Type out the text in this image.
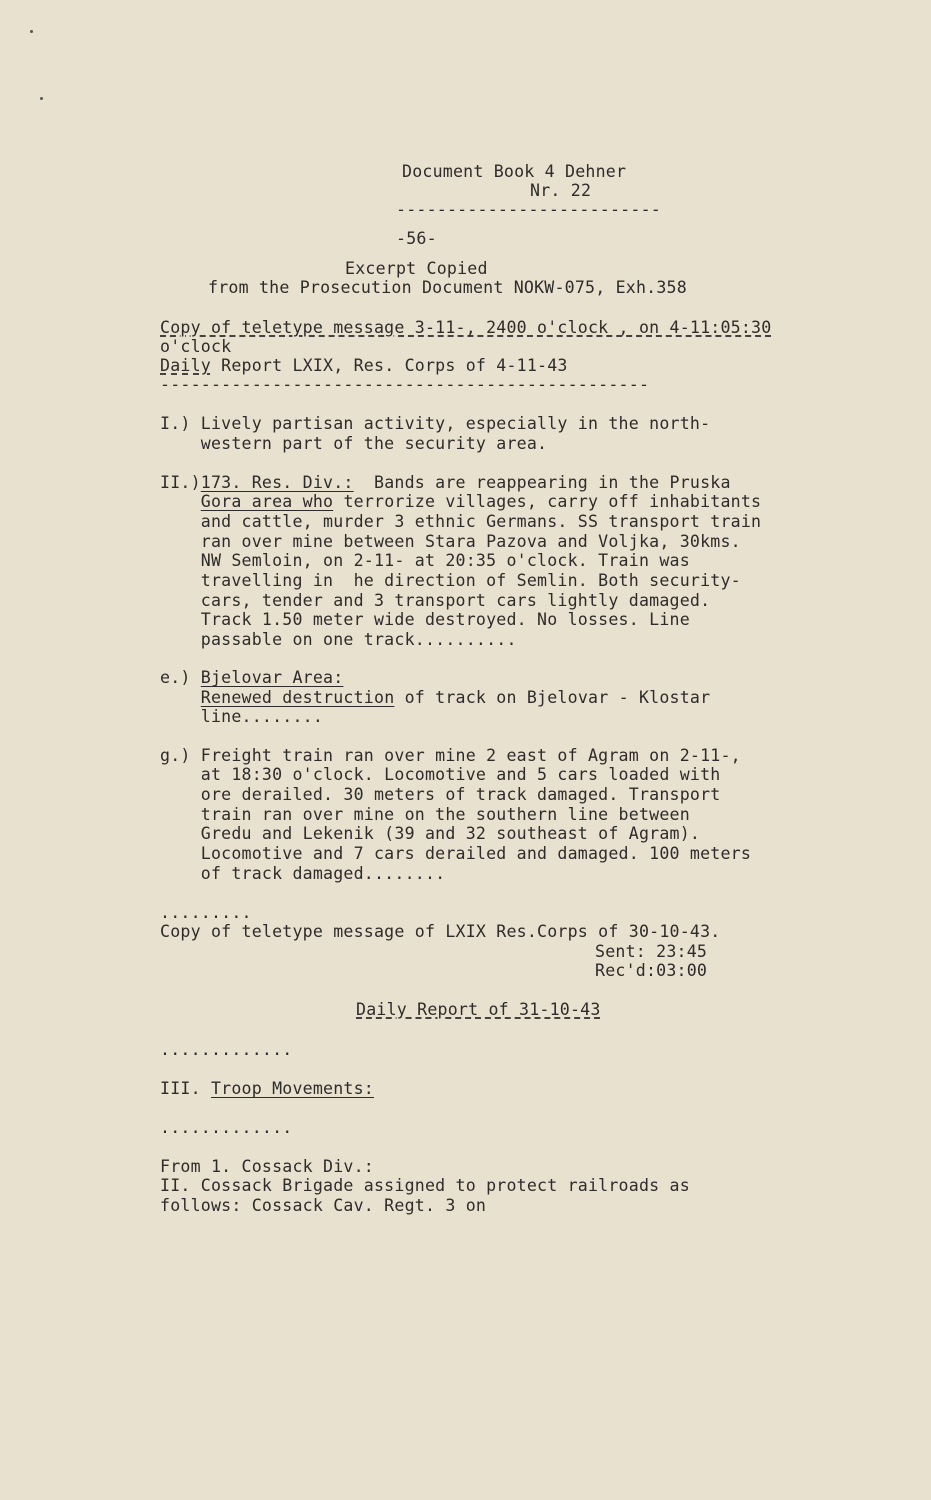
Document Book 4 Dehner
Nr. 22
--------------------------
-56-
Excerpt Copied
from the Prosecution Document NOKW-075, Exh.358
Copy of teletype message 3-11-, 2400 o'clock , on 4-11:05:30
o'clock
Daily Report LXIX, Res. Corps of 4-11-43
------------------------------------------------
I.) Lively partisan activity, especially in the north-
western part of the security area.
II.)173. Res. Div.:  Bands are reappearing in the Pruska
Gora area who terrorize villages, carry off inhabitants
and cattle, murder 3 ethnic Germans. SS transport train
ran over mine between Stara Pazova and Voljka, 30kms.
NW Semloin, on 2-11- at 20:35 o'clock. Train was
travelling in  he direction of Semlin. Both security-
cars, tender and 3 transport cars lightly damaged.
Track 1.50 meter wide destroyed. No losses. Line
passable on one track..........
e.) Bjelovar Area:
Renewed destruction of track on Bjelovar - Klostar
line........
g.) Freight train ran over mine 2 east of Agram on 2-11-,
at 18:30 o'clock. Locomotive and 5 cars loaded with
ore derailed. 30 meters of track damaged. Transport
train ran over mine on the southern line between
Gredu and Lekenik (39 and 32 southeast of Agram).
Locomotive and 7 cars derailed and damaged. 100 meters
of track damaged........
.........
Copy of teletype message of LXIX Res.Corps of 30-10-43.
Sent: 23:45
Rec'd:03:00
Daily Report of 31-10-43
.............
III. Troop Movements:
.............
From 1. Cossack Div.:
II. Cossack Brigade assigned to protect railroads as
follows: Cossack Cav. Regt. 3 on
